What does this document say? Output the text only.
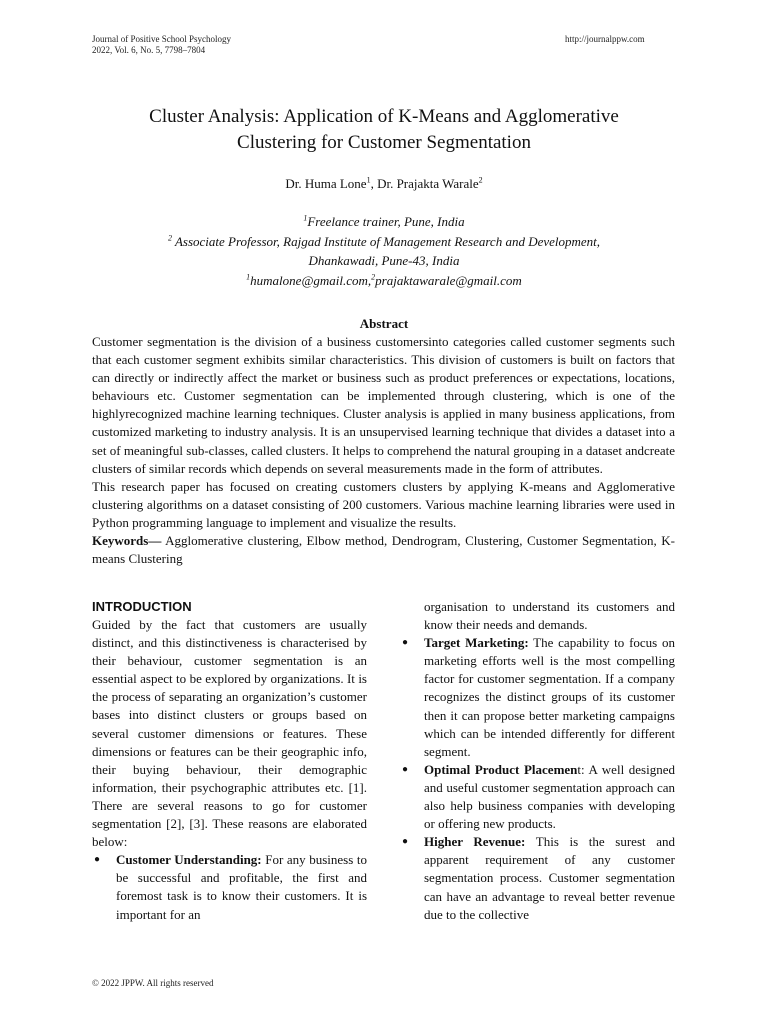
Journal of Positive School Psychology
2022, Vol. 6, No. 5, 7798–7804
http://journalppw.com
Cluster Analysis: Application of K-Means and Agglomerative
Clustering for Customer Segmentation
Dr. Huma Lone$^1$, Dr. Prajakta Warale$^2$
$^1$Freelance trainer, Pune, India
$^2$ Associate Professor, Rajgad Institute of Management Research and Development,
Dhankawadi, Pune-43, India
$^1$humalone@gmail.com,$^2$prajaktawarale@gmail.com
Abstract

Customer segmentation is the division of a business customersinto categories called customer segments such that each customer segment exhibits similar characteristics. This division of customers is built on factors that can directly or indirectly affect the market or business such as product preferences or expectations, locations, behaviours etc. Customer segmentation can be implemented through clustering, which is one of the highlyrecognized machine learning techniques. Cluster analysis is applied in many business applications, from customized marketing to industry analysis. It is an unsupervised learning technique that divides a dataset into a set of meaningful sub-classes, called clusters. It helps to comprehend the natural grouping in a dataset andcreate clusters of similar records which depends on several measurements made in the form of attributes.

This research paper has focused on creating customers clusters by applying K-means and Agglomerative clustering algorithms on a dataset consisting of 200 customers. Various machine learning libraries were used in Python programming language to implement and visualize the results.

Keywords— Agglomerative clustering, Elbow method, Dendrogram, Clustering, Customer Segmentation, K-means Clustering

INTRODUCTION

Guided by the fact that customers are usually distinct, and this distinctiveness is characterised by their behaviour, customer segmentation is an essential aspect to be explored by organizations. It is the process of separating an organization’s customer bases into distinct clusters or groups based on several customer dimensions or features. These dimensions or features can be their geographic info, their buying behaviour, their demographic information, their psychographic attributes etc. [1]. There are several reasons to go for customer segmentation [2], [3]. These reasons are elaborated below:

● Customer Understanding: For any business to be successful and profitable, the first and foremost task is to know their customers. It is important for an
organisation to understand its customers and know their needs and demands.
● Target Marketing: The capability to focus on marketing efforts well is the most compelling factor for customer segmentation. If a company recognizes the distinct groups of its customer then it can propose better marketing campaigns which can be intended differently for different segment.
● Optimal Product Placement: A well designed and useful customer segmentation approach can also help business companies with developing or offering new products.
● Higher Revenue: This is the surest and apparent requirement of any customer segmentation process. Customer segmentation can have an advantage to reveal better revenue due to the collective
© 2022 JPPW. All rights reserved
